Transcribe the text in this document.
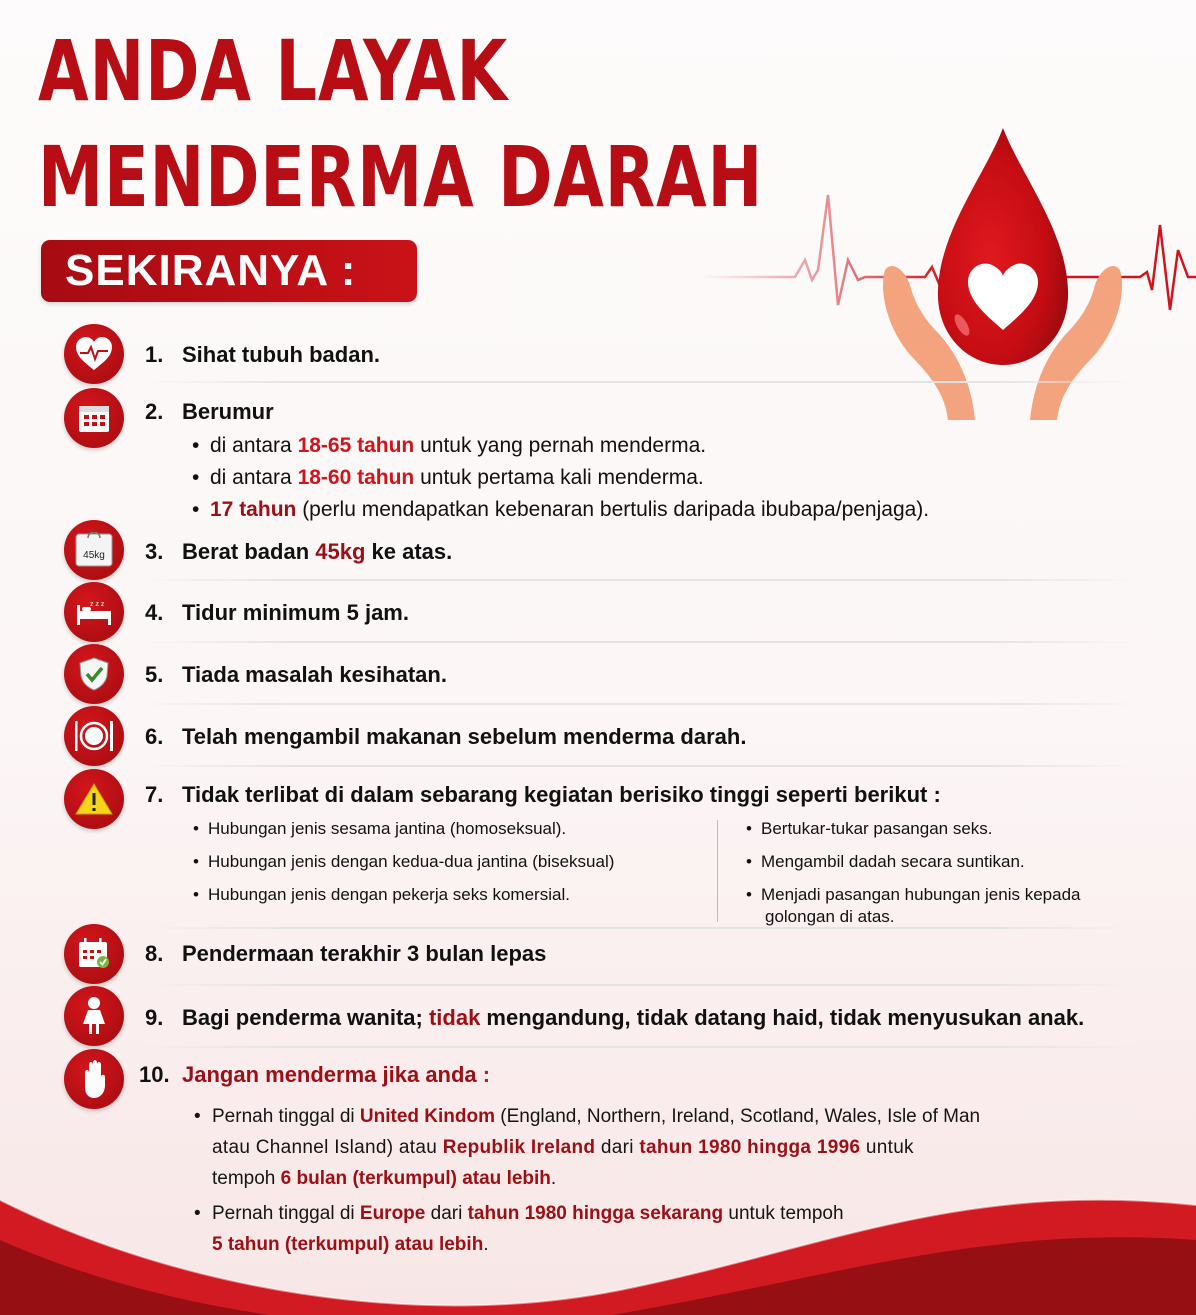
ANDA LAYAK
MENDERMA DARAH
SEKIRANYA :
1. Sihat tubuh badan.
2. Berumur
• di antara 18-65 tahun untuk yang pernah menderma.
• di antara 18-60 tahun untuk pertama kali menderma.
• 17 tahun (perlu mendapatkan kebenaran bertulis daripada ibubapa/penjaga).
45kg 3. Berat badan 45kg ke atas.
z z z 4. Tidur minimum 5 jam.
5. Tiada masalah kesihatan.
6. Telah mengambil makanan sebelum menderma darah.
7. Tidak terlibat di dalam sebarang kegiatan berisiko tinggi seperti berikut :
• Hubungan jenis sesama jantina (homoseksual).
• Hubungan jenis dengan kedua-dua jantina (biseksual)
• Hubungan jenis dengan pekerja seks komersial.
• Bertukar-tukar pasangan seks.
• Mengambil dadah secara suntikan.
• Menjadi pasangan hubungan jenis kepada
golongan di atas.
8. Pendermaan terakhir 3 bulan lepas
9. Bagi penderma wanita; tidak mengandung, tidak datang haid, tidak menyusukan anak.
10. Jangan menderma jika anda :
• Pernah tinggal di United Kindom (England, Northern, Ireland, Scotland, Wales, Isle of Man
atau Channel Island) atau Republik Ireland dari tahun 1980 hingga 1996 untuk
tempoh 6 bulan (terkumpul) atau lebih.
• Pernah tinggal di Europe dari tahun 1980 hingga sekarang untuk tempoh
5 tahun (terkumpul) atau lebih.
